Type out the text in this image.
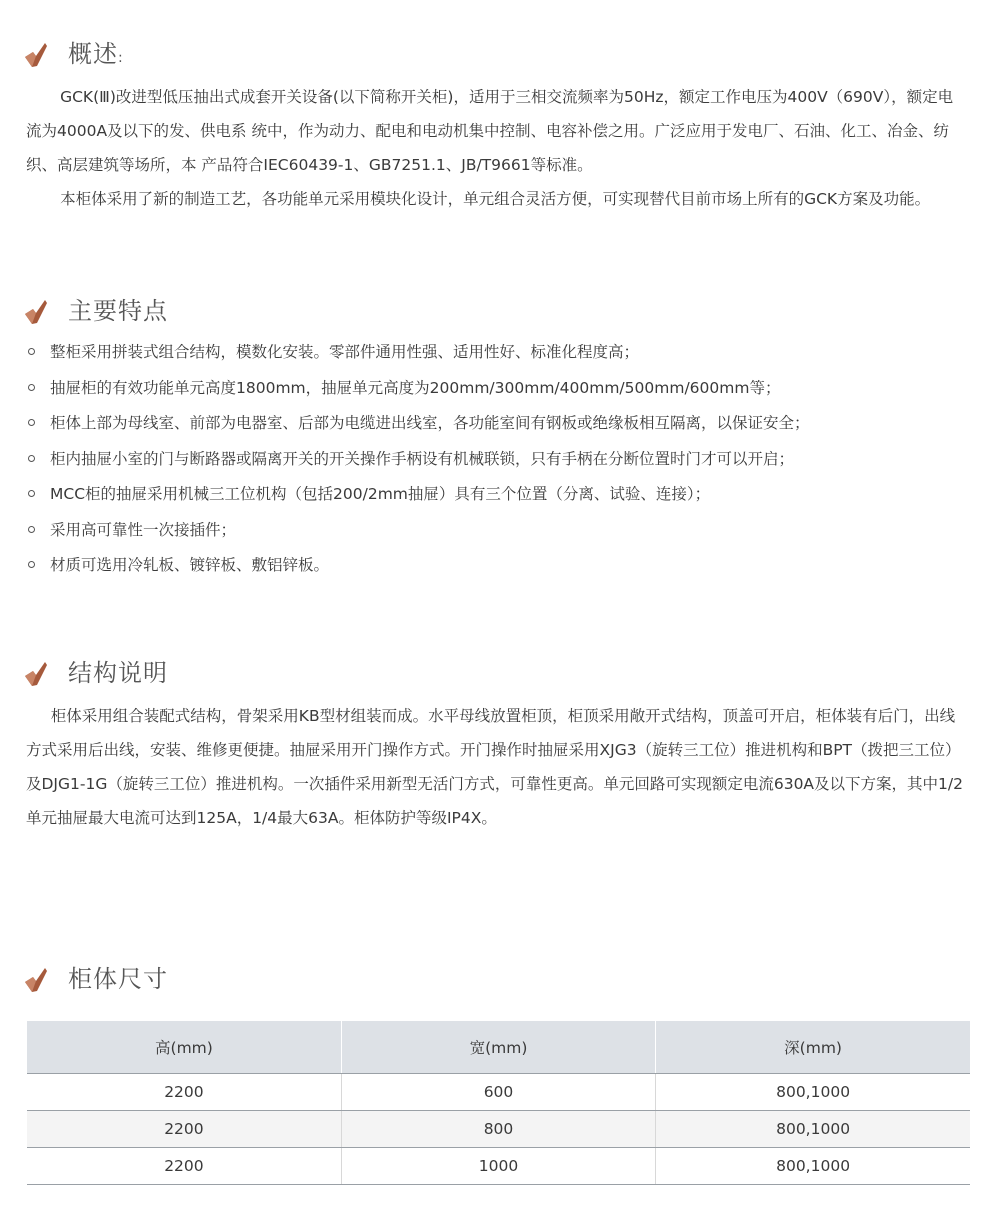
概述:

GCK(Ⅲ)改进型低压抽出式成套开关设备(以下简称开关柜)，适用于三相交流频率为50Hz，额定工作电压为400V（690V），额定电流为4000A及以下的发、供电系 统中，作为动力、配电和电动机集中控制、电容补偿之用。广泛应用于发电厂、石油、化工、冶金、纺织、高层建筑等场所，本 产品符合IEC60439-1、GB7251.1、JB/T9661等标准。

本柜体采用了新的制造工艺，各功能单元采用模块化设计，单元组合灵活方便，可实现替代目前市场上所有的GCK方案及功能。

主要特点
整柜采用拼装式组合结构，模数化安装。零部件通用性强、适用性好、标准化程度高；
抽屉柜的有效功能单元高度1800mm，抽屉单元高度为200mm/300mm/400mm/500mm/600mm等；
柜体上部为母线室、前部为电器室、后部为电缆进出线室，各功能室间有钢板或绝缘板相互隔离，以保证安全；
柜内抽屉小室的门与断路器或隔离开关的开关操作手柄设有机械联锁，只有手柄在分断位置时门才可以开启；
MCC柜的抽屉采用机械三工位机构（包括200/2mm抽屉）具有三个位置（分离、试验、连接）；
采用高可靠性一次接插件；
材质可选用冷轧板、镀锌板、敷铝锌板。
结构说明

柜体采用组合装配式结构，骨架采用KB型材组装而成。水平母线放置柜顶，柜顶采用敞开式结构，顶盖可开启，柜体装有后门，出线方式采用后出线，安装、维修更便捷。抽屉采用开门操作方式。开门操作时抽屉采用XJG3（旋转三工位）推进机构和BPT（拨把三工位）及DJG1-1G（旋转三工位）推进机构。一次插件采用新型无活门方式，可靠性更高。单元回路可实现额定电流630A及以下方案，其中1/2单元抽屉最大电流可达到125A，1/4最大63A。柜体防护等级IP4X。

柜体尺寸
高(mm)	宽(mm)	深(mm)
2200	600	800,1000
2200	800	800,1000
2200	1000	800,1000
